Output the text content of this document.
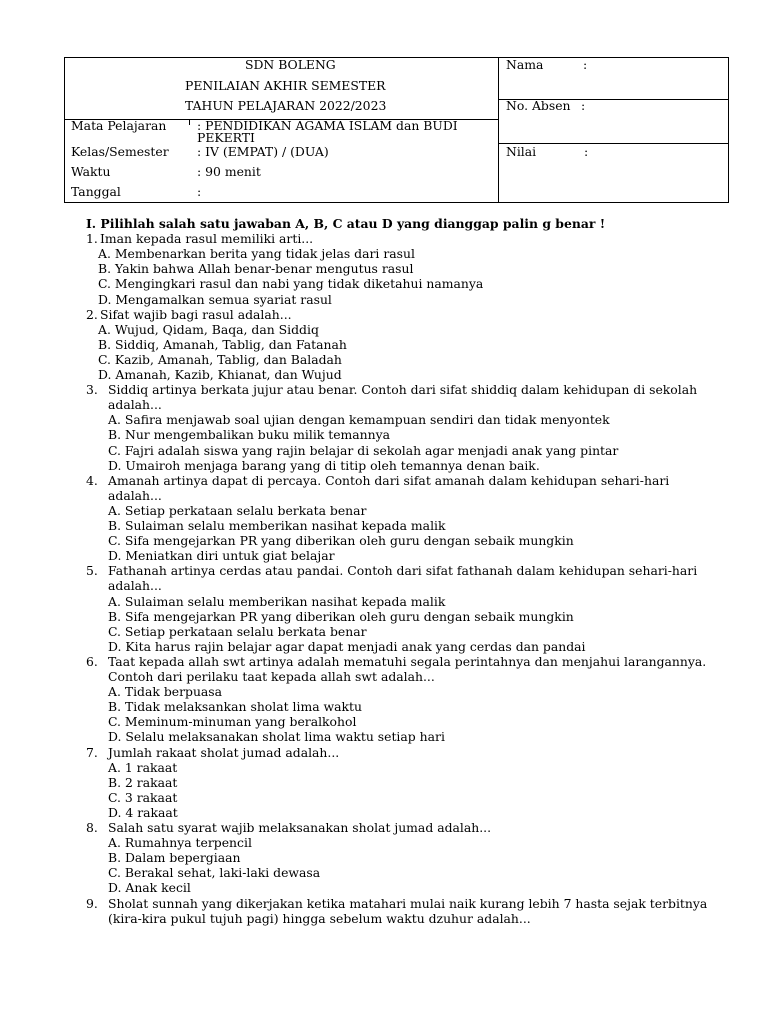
SDN BOLENG
PENILAIAN AKHIR SEMESTER
TAHUN PELAJARAN 2022/2023
Mata Pelajaran : PENDIDIKAN AGAMA ISLAM dan BUDI
PEKERTI
Kelas/Semester : IV (EMPAT) / (DUA)
Waktu	: 90 menit
Tanggal	:
Nama	:
No. Absen :
Nilai	:
I. Pilihlah salah satu jawaban A, B, C atau D yang dianggap palin g benar !
1. Iman kepada rasul memiliki arti...
A. Membenarkan berita yang tidak jelas dari rasul
B. Yakin bahwa Allah benar-benar mengutus rasul
C. Mengingkari rasul dan nabi yang tidak diketahui namanya
D. Mengamalkan semua syariat rasul
2. Sifat wajib bagi rasul adalah...
A. Wujud, Qidam, Baqa, dan Siddiq
B. Siddiq, Amanah, Tablig, dan Fatanah
C. Kazib, Amanah, Tablig, dan Baladah
D. Amanah, Kazib, Khianat, dan Wujud
3. Siddiq artinya berkata jujur atau benar. Contoh dari sifat shiddiq dalam kehidupan di sekolah
adalah...
A. Safira menjawab soal ujian dengan kemampuan sendiri dan tidak menyontek
B. Nur mengembalikan buku milik temannya
C. Fajri adalah siswa yang rajin belajar di sekolah agar menjadi anak yang pintar
D. Umairoh menjaga barang yang di titip oleh temannya denan baik.
4. Amanah artinya dapat di percaya. Contoh dari sifat amanah dalam kehidupan sehari-hari
adalah...
A. Setiap perkataan selalu berkata benar
B. Sulaiman selalu memberikan nasihat kepada malik
C. Sifa mengejarkan PR yang diberikan oleh guru dengan sebaik mungkin
D. Meniatkan diri untuk giat belajar
5. Fathanah artinya cerdas atau pandai. Contoh dari sifat fathanah dalam kehidupan sehari-hari
adalah...
A. Sulaiman selalu memberikan nasihat kepada malik
B. Sifa mengejarkan PR yang diberikan oleh guru dengan sebaik mungkin
C. Setiap perkataan selalu berkata benar
D. Kita harus rajin belajar agar dapat menjadi anak yang cerdas dan pandai
6. Taat kepada allah swt artinya adalah mematuhi segala perintahnya dan menjahui larangannya.
Contoh dari perilaku taat kepada allah swt adalah...
A. Tidak berpuasa
B. Tidak melaksankan sholat lima waktu
C. Meminum-minuman yang beralkohol
D. Selalu melaksanakan sholat lima waktu setiap hari
7. Jumlah rakaat sholat jumad adalah...
A. 1 rakaat
B. 2 rakaat
C. 3 rakaat
D. 4 rakaat
8. Salah satu syarat wajib melaksanakan sholat jumad adalah...
A. Rumahnya terpencil
B. Dalam bepergiaan
C. Berakal sehat, laki-laki dewasa
D. Anak kecil
9. Sholat sunnah yang dikerjakan ketika matahari mulai naik kurang lebih 7 hasta sejak terbitnya
(kira-kira pukul tujuh pagi) hingga sebelum waktu dzuhur adalah...
